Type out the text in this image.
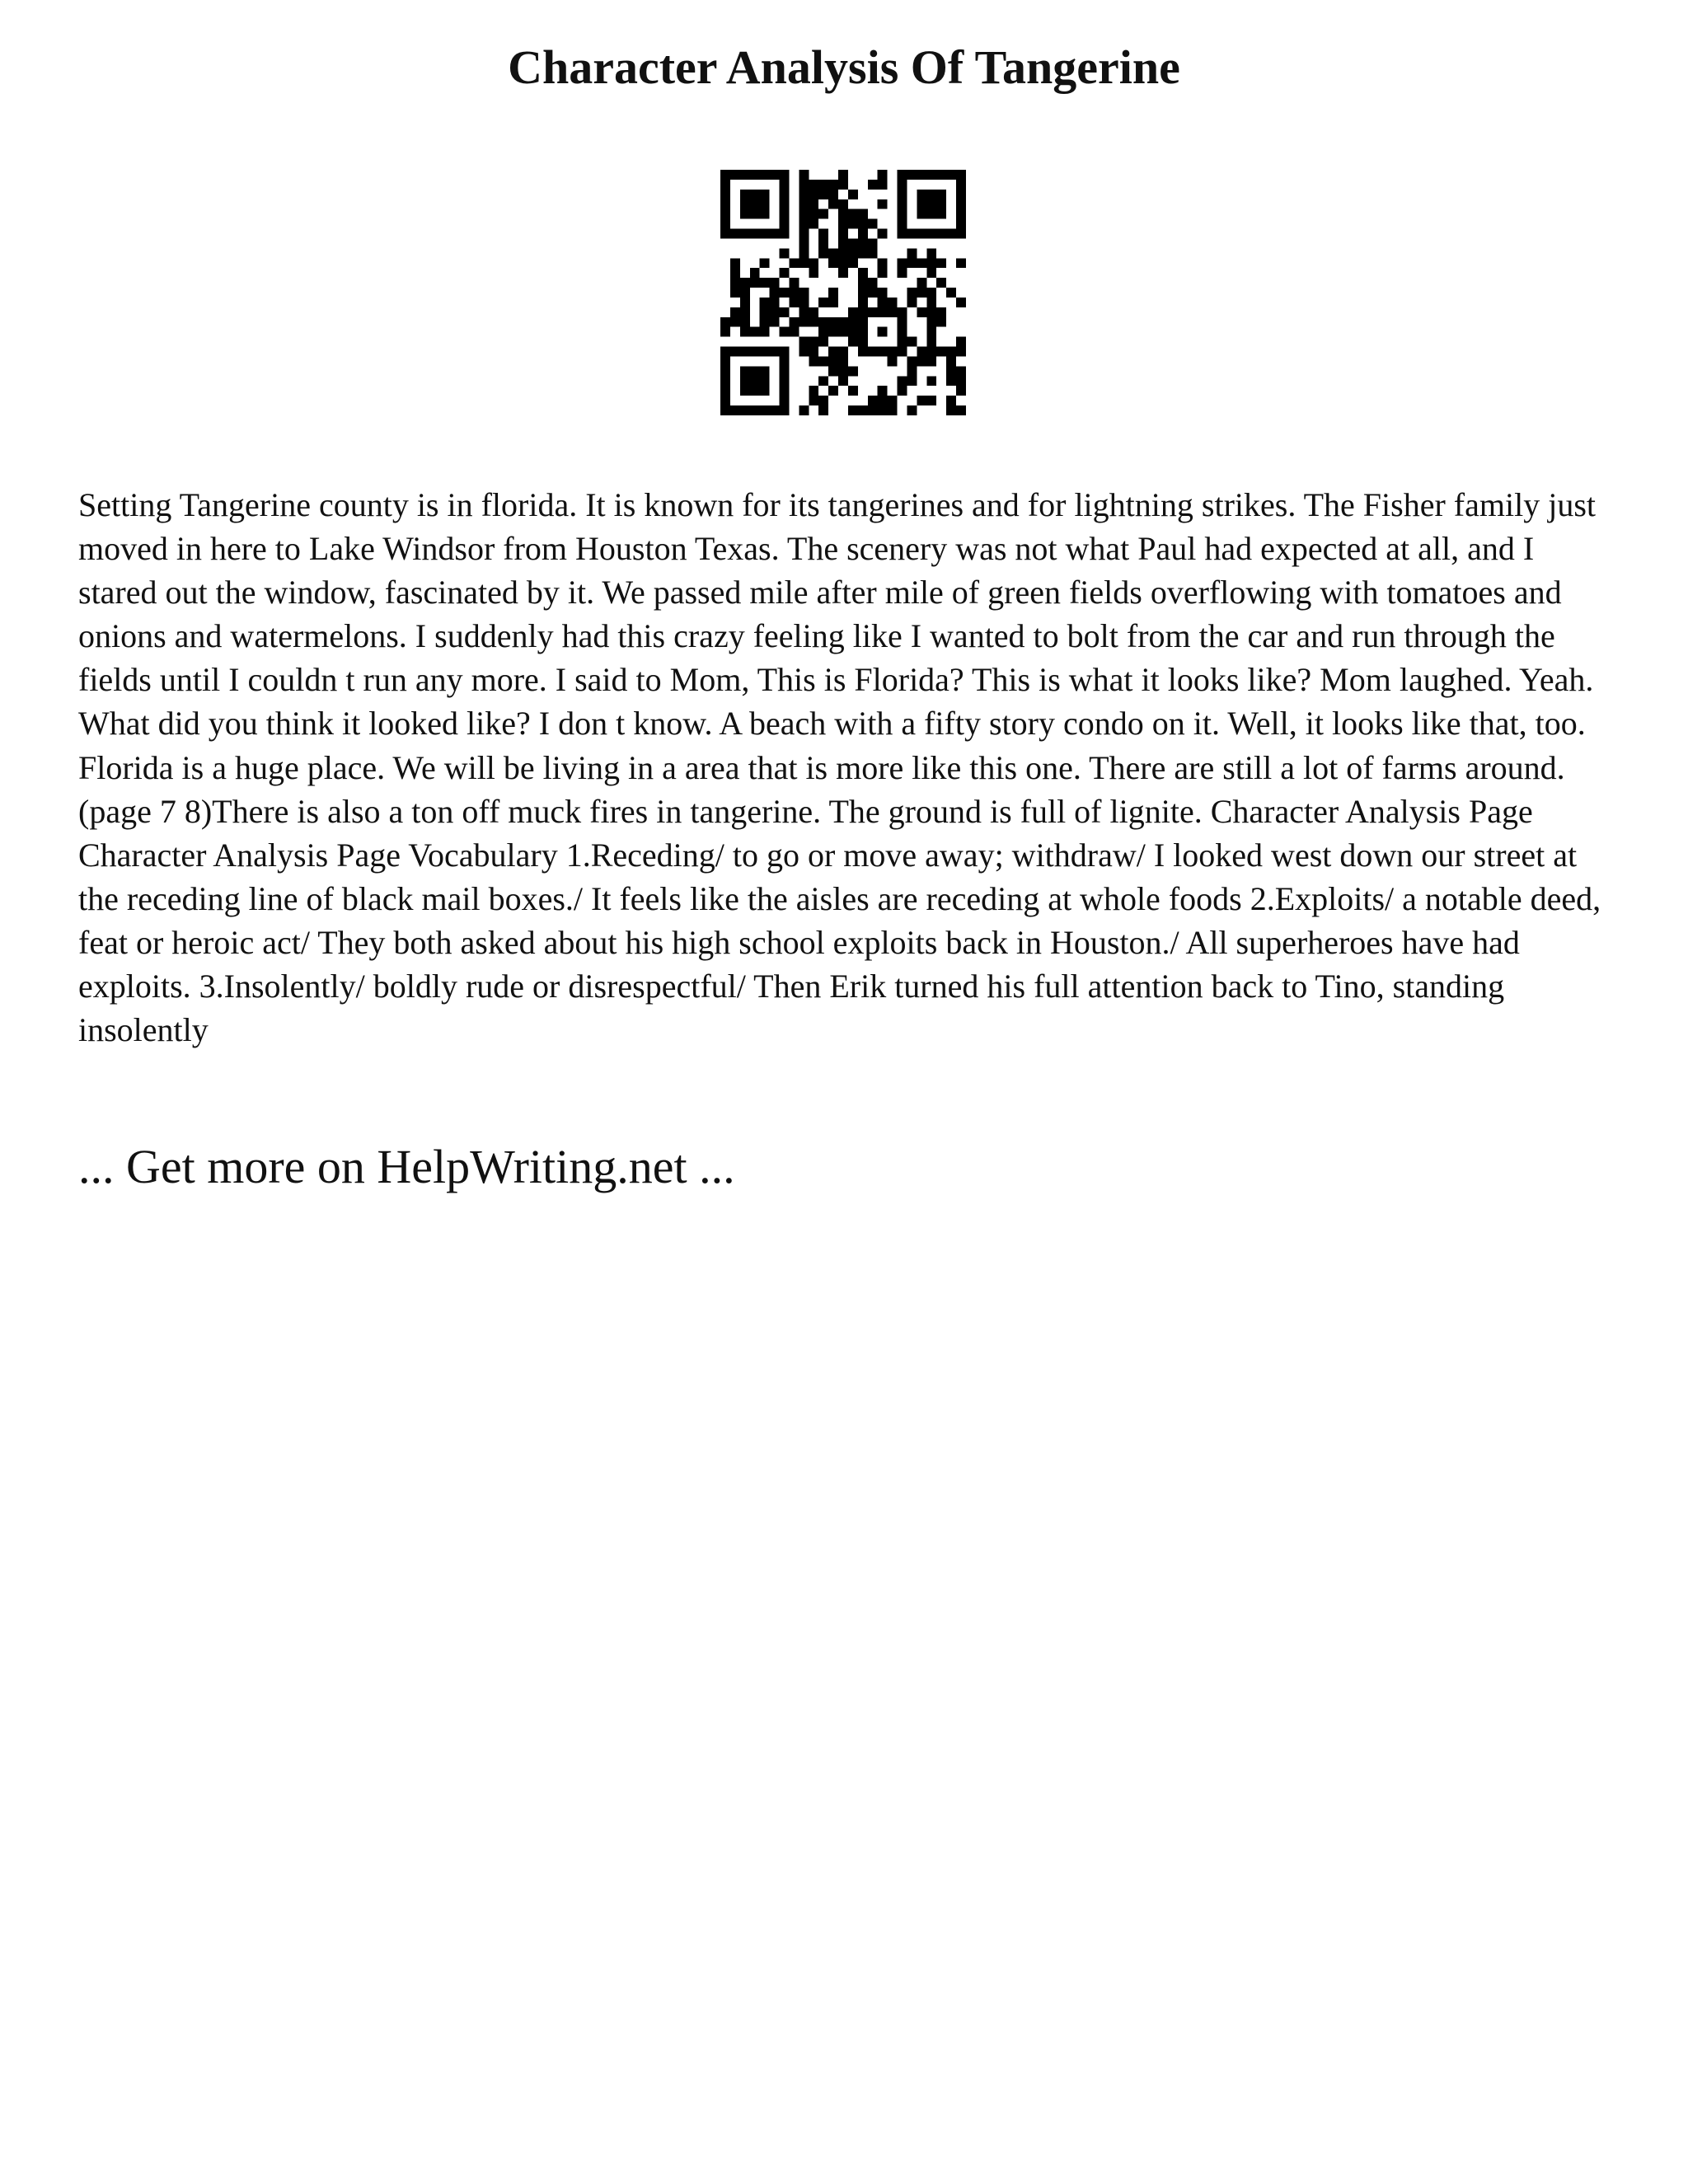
Character Analysis Of Tangerine

Setting Tangerine county is in florida. It is known for its tangerines and for lightning strikes. The Fisher family just moved in here to Lake Windsor from Houston Texas. The scenery was not what Paul had expected at all, and I stared out the window, fascinated by it. We passed mile after mile of green fields overflowing with tomatoes and onions and watermelons. I suddenly had this crazy feeling like I wanted to bolt from the car and run through the fields until I couldn t run any more. I said to Mom, This is Florida? This is what it looks like? Mom laughed. Yeah. What did you think it looked like? I don t know. A beach with a fifty story condo on it. Well, it looks like that, too. Florida is a huge place. We will be living in a area that is more like this one. There are still a lot of farms around. (page 7 8)There is also a ton off muck fires in tangerine. The ground is full of lignite. Character Analysis Page Character Analysis Page Vocabulary 1.Receding/ to go or move away; withdraw/ I looked west down our street at the receding line of black mail boxes./ It feels like the aisles are receding at whole foods 2.Exploits/ a notable deed, feat or heroic act/ They both asked about his high school exploits back in Houston./ All superheroes have had exploits. 3.Insolently/ boldly rude or disrespectful/ Then Erik turned his full attention back to Tino, standing insolently

... Get more on HelpWriting.net ...
